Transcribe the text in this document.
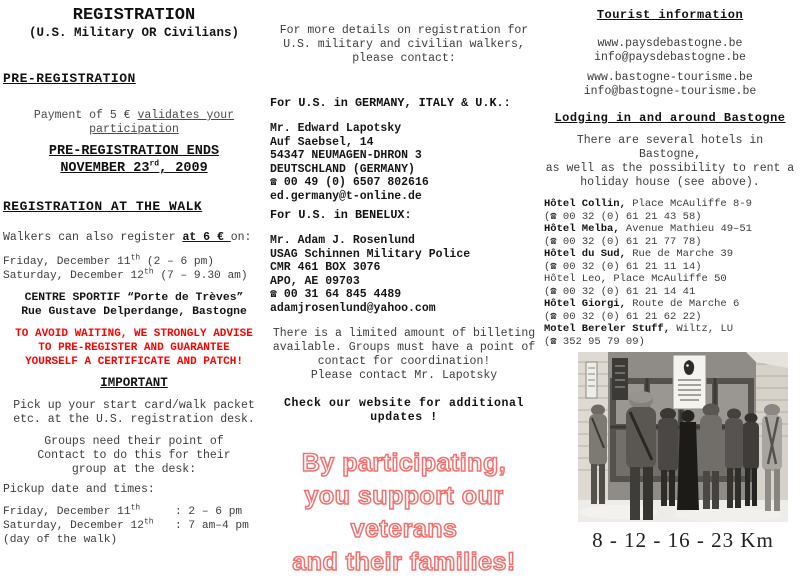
REGISTRATION
(U.S. Military OR Civilians)
PRE-REGISTRATION
Payment of 5 € validates your
participation
PRE-REGISTRATION ENDS
NOVEMBER 23rd, 2009
REGISTRATION AT THE WALK
Walkers can also register at 6 € on:
Friday, December 11th (2 – 6 pm)
Saturday, December 12th (7 – 9.30 am)
CENTRE SPORTIF “Porte de Trèves”
Rue Gustave Delperdange, Bastogne
TO AVOID WAITING, WE STRONGLY ADVISE
TO PRE-REGISTER AND GUARANTEE
YOURSELF A CERTIFICATE AND PATCH!
IMPORTANT
Pick up your start card/walk packet
etc. at the U.S. registration desk.
Groups need their point of
Contact to do this for their
group at the desk:
Pickup date and times:
Friday, December 11th	: 2 – 6 pm
Saturday, December 12th	: 7 am–4 pm
(day of the walk)
For more details on registration for
U.S. military and civilian walkers,
please contact:
For U.S. in GERMANY, ITALY & U.K.:
Mr. Edward Lapotsky
Auf Saebsel, 14
54347 NEUMAGEN-DHRON 3
DEUTSCHLAND (GERMANY)
☎ 00 49 (0) 6507 802616
ed.germany@t-online.de
For U.S. in BENELUX:
Mr. Adam J. Rosenlund
USAG Schinnen Military Police
CMR 461 BOX 3076
APO, AE 09703
☎ 00 31 64 845 4489
adamjrosenlund@yahoo.com
There is a limited amount of billeting available. Groups must have a point of contact for coordination!
Please contact Mr. Lapotsky
Check our website for additional updates !
By participating,
you support our veterans
and their families!
Tourist information
www.paysdebastogne.be
info@paysdebastogne.be
www.bastogne-tourisme.be
info@bastogne-tourisme.be
Lodging in and around Bastogne
There are several hotels in Bastogne,
as well as the possibility to rent a
holiday house (see above).
Hôtel Collin, Place McAuliffe 8-9
(☎ 00 32 (0) 61 21 43 58)
Hôtel Melba, Avenue Mathieu 49–51
(☎ 00 32 (0) 61 21 77 78)
Hôtel du Sud, Rue de Marche 39
(☎ 00 32 (0) 61 21 11 14)
Hôtel Leo, Place McAuliffe 50
(☎ 00 32 (0) 61 21 14 41
Hôtel Giorgi, Route de Marche 6
(☎ 00 32 (0) 61 21 62 22)
Motel Bereler Stuff, Wiltz, LU
(☎ 352 95 79 09)
8 - 12 - 16 - 23 Km
